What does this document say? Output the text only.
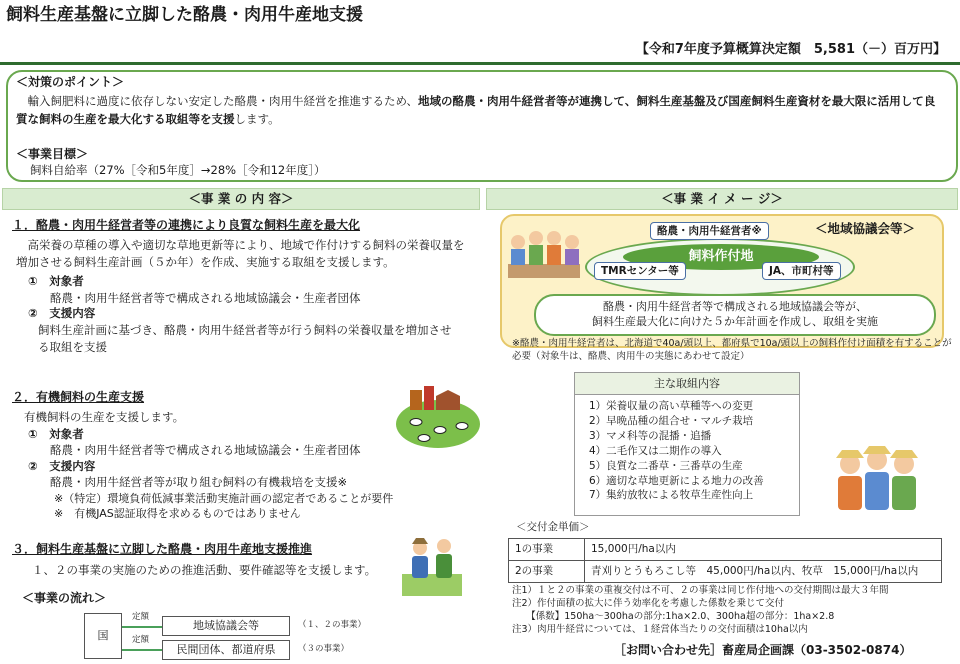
飼料生産基盤に立脚した酪農・肉用牛産地支援
【令和7年度予算概算決定額　5,581（－）百万円】
＜対策のポイント＞
　輸入飼肥料に過度に依存しない安定した酪農・肉用牛経営を推進するため、地域の酪農・肉用牛経営者等が連携して、飼料生産基盤及び国産飼料生産資材を最大限に活用して良質な飼料の生産を最大化する取組等を支援します。
＜事業目標＞
飼料自給率（27%［令和5年度］→28%［令和12年度］）
＜事 業 の 内 容＞	＜事 業 イ メ ー ジ＞
１．酪農・肉用牛経営者等の連携により良質な飼料生産を最大化
　高栄養の草種の導入や適切な草地更新等により、地域で作付けする飼料の栄養収量を増加させる飼料生産計画（５か年）を作成、実施する取組を支援します。
①　対象者
酪農・肉用牛経営者等で構成される地域協議会・生産者団体
②　支援内容
飼料生産計画に基づき、酪農・肉用牛経営者等が行う飼料の栄養収量を増加させる取組を支援
２．有機飼料の生産支援
有機飼料の生産を支援します。
①　対象者
酪農・肉用牛経営者等で構成される地域協議会・生産者団体
②　支援内容
酪農・肉用牛経営者等が取り組む飼料の有機栽培を支援※
※（特定）環境負荷低減事業活動実施計画の認定者であることが要件
※　有機JAS認証取得を求めるものではありません
３．飼料生産基盤に立脚した酪農・肉用牛産地支援推進
１、２の事業の実施のための推進活動、要件確認等を支援します。
＜事業の流れ＞
国
定額
定額
地域協議会等
民間団体、都道府県
（１、２の事業）
（３の事業）
＜地域協議会等＞
飼料作付地
酪農・肉用牛経営者※
TMRセンター等	JA、市町村等
酪農・肉用牛経営者等で構成される地域協議会等が、
飼料生産最大化に向けた５か年計画を作成し、取組を実施
※酪農・肉用牛経営者は、北海道で40a/頭以上、都府県で10a/頭以上の飼料作付け面積を有することが必要（対象牛は、酪農、肉用牛の実態にあわせて設定）
主な取組内容
1）栄養収量の高い草種等への変更
2）早晩品種の組合せ・マルチ栽培
3）マメ科等の混播・追播
4）二毛作又は二期作の導入
5）良質な二番草・三番草の生産
6）適切な草地更新による地力の改善
7）集約放牧による牧草生産性向上
＜交付金単価＞
1の事業	15,000円/ha以内
2の事業	青刈りとうもろこし等　45,000円/ha以内、牧草　15,000円/ha以内
注1）１と２の事業の重複交付は不可、２の事業は同じ作付地への交付期間は最大３年間
注2）作付面積の拡大に伴う効率化を考慮した係数を乗じて交付
　　【係数】150ha～300haの部分:1ha×2.0、300ha超の部分：1ha×2.8
注3）肉用牛経営については、１経営体当たりの交付面積は10ha以内
［お問い合わせ先］畜産局企画課（03-3502-0874）
